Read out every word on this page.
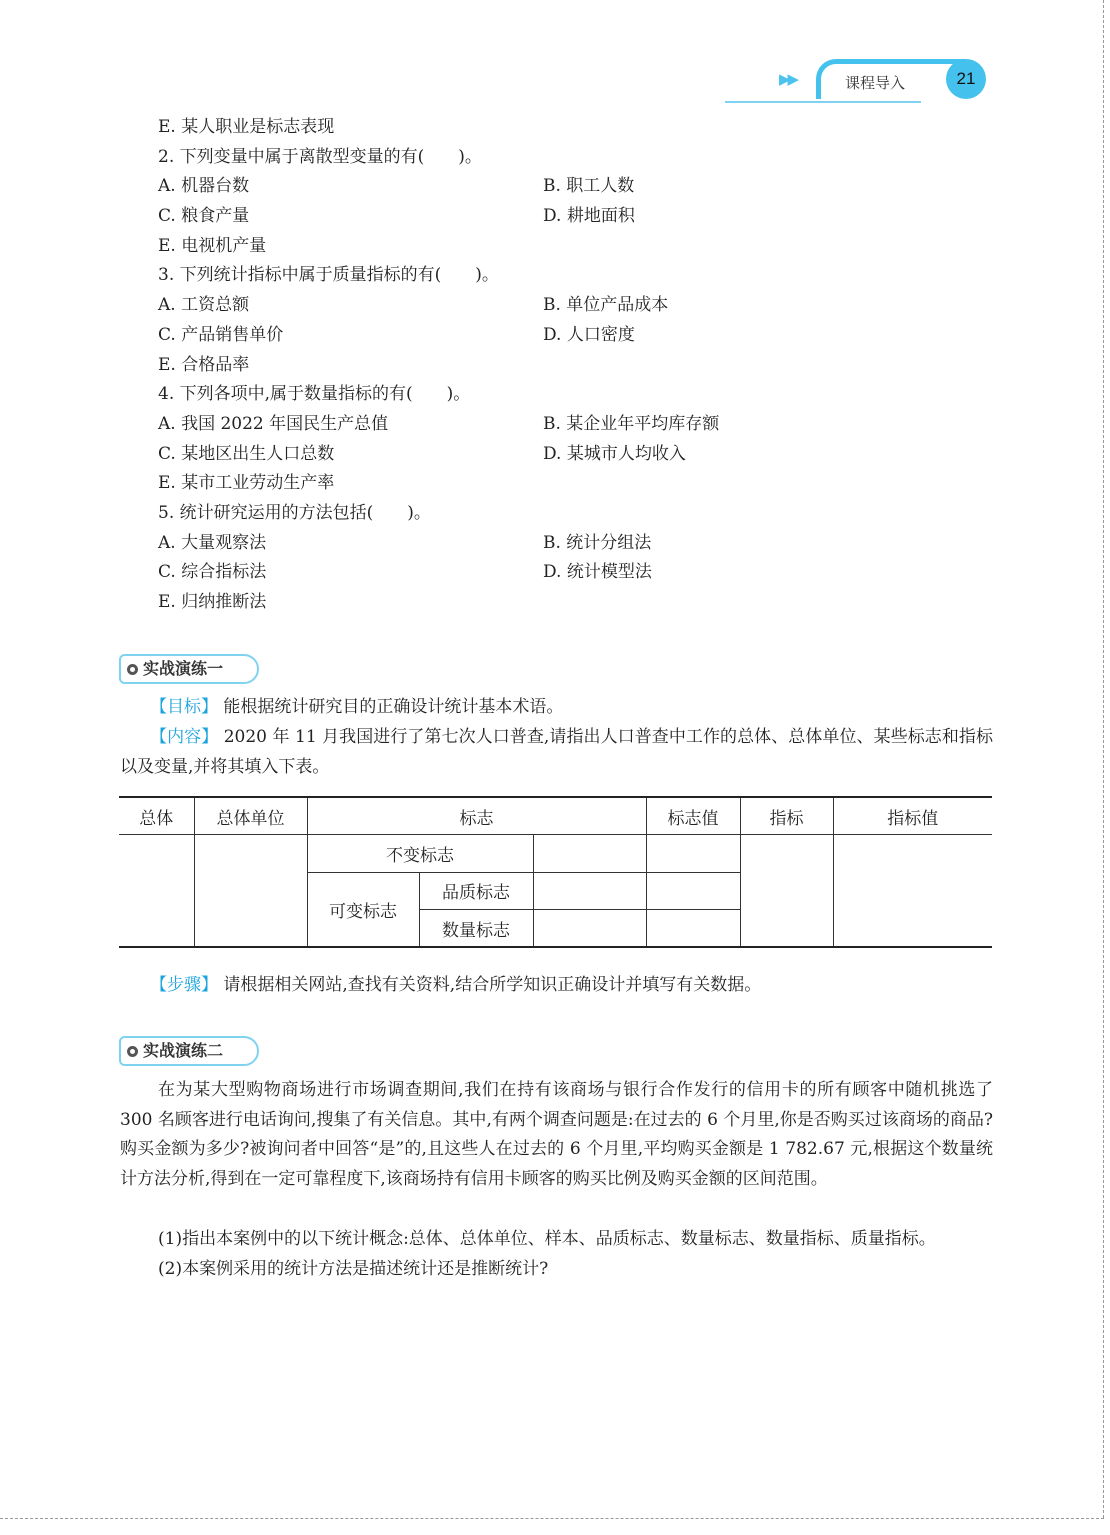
▶▶	课程导入	21
E. 某人职业是标志表现
2. 下列变量中属于离散型变量的有(　　)。
A. 机器台数	B. 职工人数
C. 粮食产量	D. 耕地面积
E. 电视机产量
3. 下列统计指标中属于质量指标的有(　　)。
A. 工资总额	B. 单位产品成本
C. 产品销售单价	D. 人口密度
E. 合格品率
4. 下列各项中,属于数量指标的有(　　)。
A. 我国 2022 年国民生产总值	B. 某企业年平均库存额
C. 某地区出生人口总数	D. 某城市人均收入
E. 某市工业劳动生产率
5. 统计研究运用的方法包括(　　)。
A. 大量观察法	B. 统计分组法
C. 综合指标法	D. 统计模型法
E. 归纳推断法
实战演练一
【目标】 能根据统计研究目的正确设计统计基本术语。
【内容】 2020 年 11 月我国进行了第七次人口普查,请指出人口普查中工作的总体、总体单位、某些标志和指标以及变量,并将其填入下表。
总体	总体单位	标志			标志值	指标	指标值
		不变标志					
		可变标志	品质标志				
			数量标志				
【步骤】 请根据相关网站,查找有关资料,结合所学知识正确设计并填写有关数据。
实战演练二
在为某大型购物商场进行市场调查期间,我们在持有该商场与银行合作发行的信用卡的所有顾客中随机挑选了 300 名顾客进行电话询问,搜集了有关信息。其中,有两个调查问题是:在过去的 6 个月里,你是否购买过该商场的商品?购买金额为多少?被询问者中回答“是”的,且这些人在过去的 6 个月里,平均购买金额是 1 782.67 元,根据这个数量统计方法分析,得到在一定可靠程度下,该商场持有信用卡顾客的购买比例及购买金额的区间范围。
(1)指出本案例中的以下统计概念:总体、总体单位、样本、品质标志、数量标志、数量指标、质量指标。
(2)本案例采用的统计方法是描述统计还是推断统计?
